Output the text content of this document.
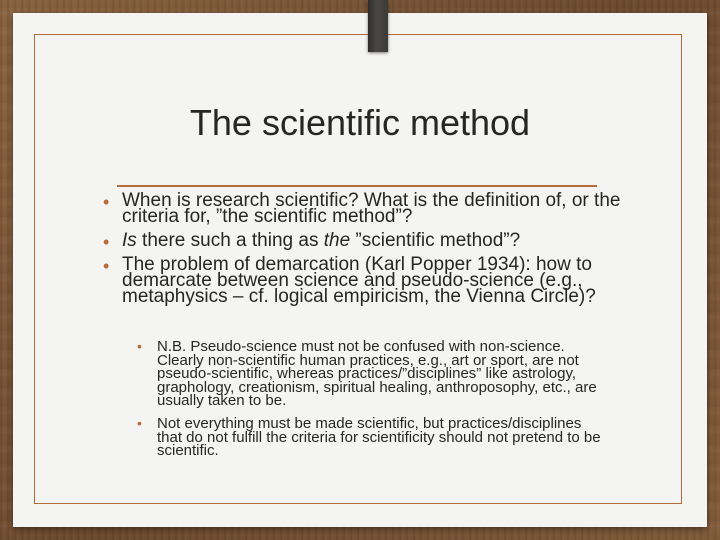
The scientific method
• When is research scientific? What is the definition of, or the criteria for, ”the scientific method”?
• Is there such a thing as the ”scientific method”?
• The problem of demarcation (Karl Popper 1934): how to demarcate between science and pseudo-science (e.g., metaphysics – cf. logical empiricism, the Vienna Circle)?
• N.B. Pseudo-science must not be confused with non-science. Clearly non-scientific human practices, e.g., art or sport, are not pseudo-scientific, whereas practices/”disciplines” like astrology, graphology, creationism, spiritual healing, anthroposophy, etc., are usually taken to be.
• Not everything must be made scientific, but practices/disciplines that do not fulfill the criteria for scientificity should not pretend to be scientific.
